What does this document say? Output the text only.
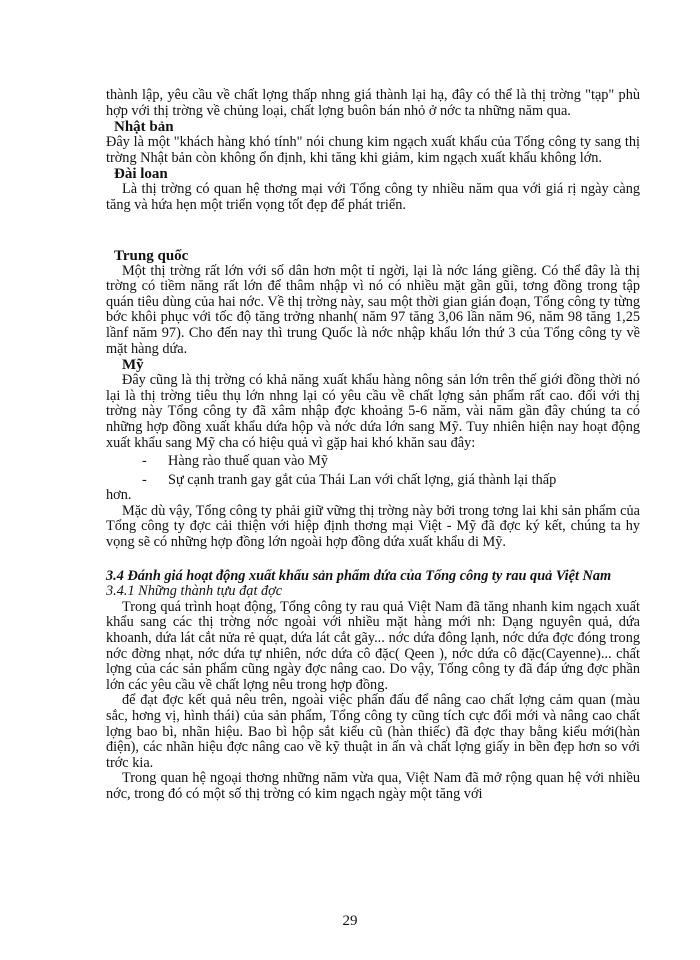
thành lập, yêu cầu về chất lợng thấp nhng giá thành lại hạ, đây có thể là thị trờng "tạp" phù hợp với thị trờng về chủng loại, chất lợng buôn bán nhỏ ở nớc ta những năm qua.

Nhật bản

Đây là một "khách hàng khó tính" nói chung kim ngạch xuất khẩu của Tổng công ty sang thị trờng Nhật bản còn không ổn định, khi tăng khi giảm, kim ngạch xuất khẩu không lớn.

Đài loan

Là thị trờng có quan hệ thơng mại với Tổng công ty nhiều năm qua với giá rị ngày càng tăng và hứa hẹn một triển vọng tốt đẹp để phát triển.

Trung quốc

Một thị trờng rất lớn với số dân hơn một tỉ ngời, lại là nớc láng giềng. Có thể đây là thị trờng có tiềm năng rất lớn để thâm nhập vì nó có nhiều mặt gần gũi, tơng đồng trong tập quán tiêu dùng của hai nớc. Về thị trờng này, sau một thời gian gián đoạn, Tổng công ty từng bớc khôi phục với tốc độ tăng trởng nhanh( năm 97 tăng 3,06 lần năm 96, năm 98 tăng 1,25 lầnf năm 97). Cho đến nay thì trung Quốc là nớc nhập khẩu lớn thứ 3 của Tổng công ty về mặt hàng dứa.

Mỹ

Đây cũng là thị trờng có khả năng xuất khẩu hàng nông sản lớn trên thế giới đồng thời nó lại là thị trờng tiêu thụ lớn nhng lại có yêu cầu về chất lợng sản phẩm rất cao. đối với thị trờng này Tổng công ty đã xâm nhập đợc khoảng 5-6 năm, vài năm gần đây chúng ta có những hợp đồng xuất khẩu dứa hộp và nớc dứa lớn sang Mỹ. Tuy nhiên hiện nay hoạt động xuất khẩu sang Mỹ cha có hiệu quả vì gặp hai khó khăn sau đây:

-	Hàng rào thuế quan vào Mỹ
-	Sự cạnh tranh gay gắt của Thái Lan với chất lợng, giá thành lại thấp

hơn.

Mặc dù vậy, Tổng công ty phải giữ vững thị trờng này bởi trong tơng lai khi sản phẩm của Tổng công ty đợc cải thiện với hiệp định thơng mại Việt - Mỹ đã đợc ký kết, chúng ta hy vọng sẽ có những hợp đồng lớn ngoài hợp đồng dứa xuất khẩu di Mỹ.

3.4 Đánh giá hoạt động xuất khẩu sản phẩm dứa của Tổng công ty rau quả Việt Nam

3.4.1 Những thành tựu đạt đợc

Trong quá trình hoạt động, Tổng công ty rau quả Việt Nam đã tăng nhanh kim ngạch xuất khẩu sang các thị trờng nớc ngoài với nhiều mặt hàng mới nh: Dạng nguyên quả, dứa khoanh, dứa lát cắt nửa rẻ quạt, dứa lát cắt gãy... nớc dứa đông lạnh, nớc dứa đợc đóng trong nớc đờng nhạt, nớc dứa tự nhiên, nớc dứa cô đặc( Qeen ), nớc dứa cô đặc(Cayenne)... chất lợng của các sản phẩm cũng ngày đợc nâng cao. Do vậy, Tổng công ty đã đáp ứng đợc phần lớn các yêu cầu về chất lợng nêu trong hợp đồng.

để đạt đợc kết quả nêu trên, ngoài việc phấn đấu để nâng cao chất lợng cảm quan (màu sắc, hơng vị, hình thái) của sản phẩm, Tổng công ty cũng tích cực đổi mới và nâng cao chất lợng bao bì, nhãn hiệu. Bao bì hộp sắt kiểu cũ (hàn thiếc) đã đợc thay bằng kiểu mới(hàn điện), các nhãn hiệu đợc nâng cao về kỹ thuật in ấn và chất lợng giấy in bền đẹp hơn so với trớc kia.

Trong quan hệ ngoại thơng những năm vừa qua, Việt Nam đã mở rộng quan hệ với nhiều nớc, trong đó có một số thị trờng có kim ngạch ngày một tăng với

29
